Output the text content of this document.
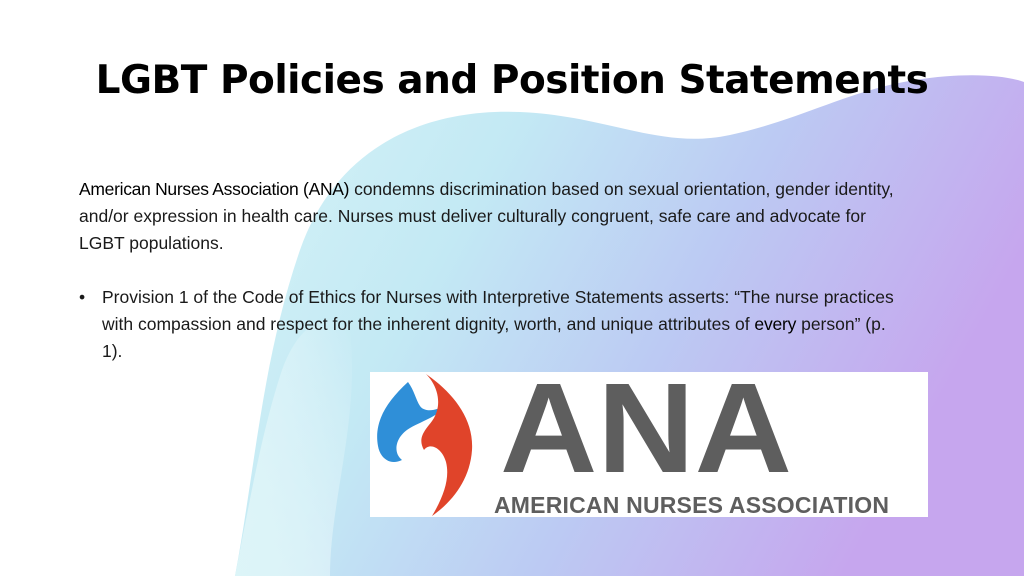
LGBT Policies and Position Statements

American Nurses Association (ANA) condemns discrimination based on sexual orientation, gender identity, and/or expression in health care. Nurses must deliver culturally congruent, safe care and advocate for LGBT populations.

• Provision 1 of the Code of Ethics for Nurses with Interpretive Statements asserts: “The nurse practices with compassion and respect for the inherent dignity, worth, and unique attributes of every person” (p. 1).
ANA
AMERICAN NURSES ASSOCIATION
